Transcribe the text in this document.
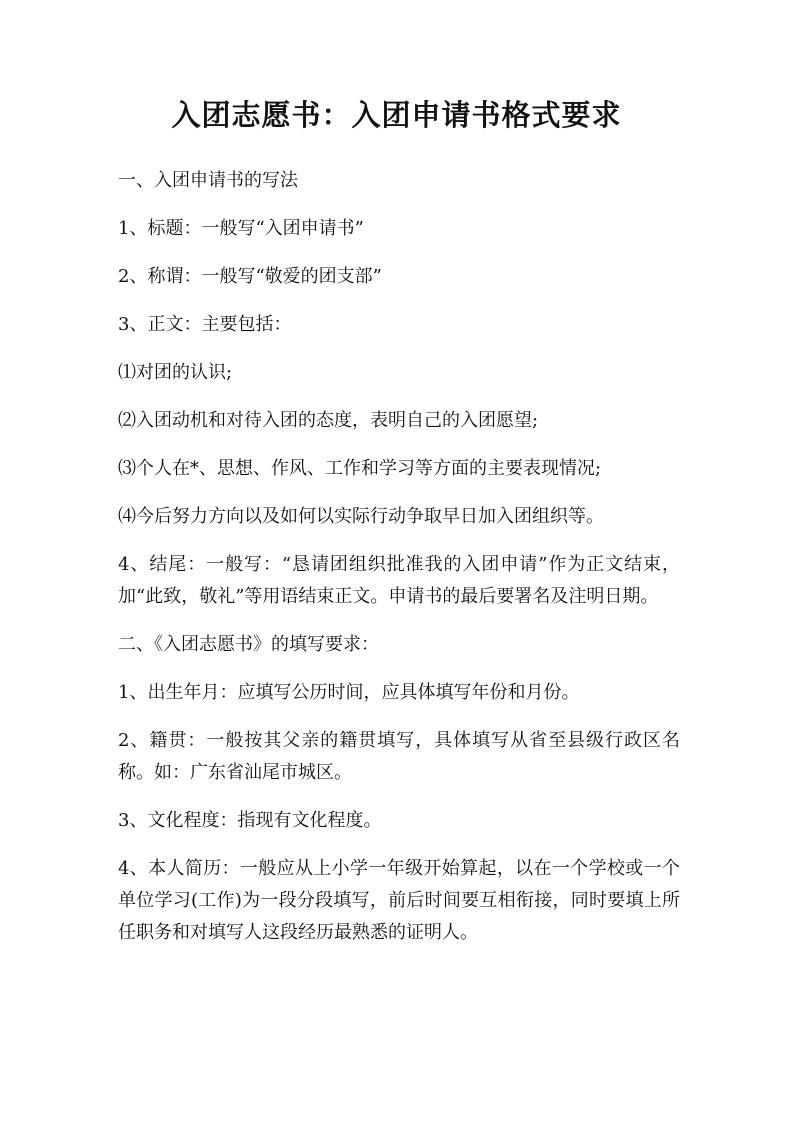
入团志愿书：入团申请书格式要求

一、入团申请书的写法

1、标题：一般写“入团申请书”

2、称谓：一般写“敬爱的团支部”

3、正文：主要包括：

⑴对团的认识;

⑵入团动机和对待入团的态度，表明自己的入团愿望;

⑶个人在*、思想、作风、工作和学习等方面的主要表现情况;

⑷今后努力方向以及如何以实际行动争取早日加入团组织等。

4、结尾：一般写：“恳请团组织批准我的入团申请”作为正文结束，加“此致，敬礼”等用语结束正文。申请书的最后要署名及注明日期。

二、《入团志愿书》的填写要求：

1、出生年月：应填写公历时间，应具体填写年份和月份。

2、籍贯：一般按其父亲的籍贯填写，具体填写从省至县级行政区名称。如：广东省汕尾市城区。

3、文化程度：指现有文化程度。

4、本人简历：一般应从上小学一年级开始算起，以在一个学校或一个单位学习(工作)为一段分段填写，前后时间要互相衔接，同时要填上所任职务和对填写人这段经历最熟悉的证明人。
